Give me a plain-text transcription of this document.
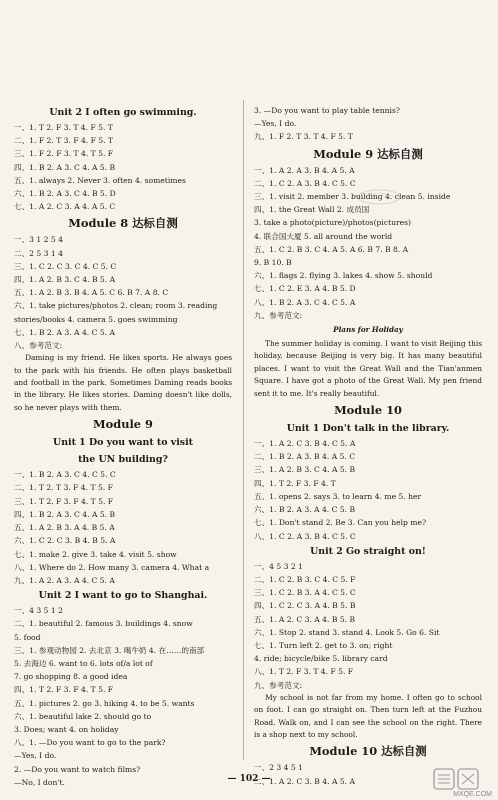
Unit 2 I often go swimming.
一、1. T 2. F 3. T 4. F 5. T
二、1. F 2. T 3. F 4. F 5. T
三、1. F 2. F 3. T 4. T 5. F
四、1. B 2. A 3. C 4. A 5. B
五、1. always 2. Never 3. often 4. sometimes
六、1. B 2. A 3. C 4. B 5. D
七、1. A 2. C 3. A 4. A 5. C
Module 8 达标自测
一、3 1 2 5 4
二、2 5 3 1 4
三、1. C 2. C 3. C 4. C 5. C
四、1. A 2. B 3. C 4. B 5. A
五、1. A 2. B 3. B 4. A 5. C 6. B 7. A 8. C
六、1. take pictures/photos 2. clean; room 3. reading
stories/books 4. camera 5. goes swimming
七、1. B 2. A 3. A 4. C 5. A
八、参考范文:
Daming is my friend. He likes sports. He always goes to the park with his friends. He often plays basketball and football in the park. Sometimes Daming reads books in the library. He likes stories. Daming doesn't like dolls, so he never plays with them.
Module 9
Unit 1 Do you want to visit
the UN building?
一、1. B 2. A 3. C 4. C 5. C
二、1. T 2. T 3. F 4. T 5. F
三、1. T 2. F 3. F 4. T 5. F
四、1. B 2. A 3. C 4. A 5. B
五、1. A 2. B 3. A 4. B 5. A
六、1. C 2. C 3. B 4. B 5. A
七、1. make 2. give 3. take 4. visit 5. show
八、1. Where do 2. How many 3. camera 4. What a
九、1. A 2. A 3. A 4. C 5. A
Unit 2 I want to go to Shanghai.
一、4 3 5 1 2
二、1. beautiful 2. famous 3. buildings 4. snow
5. food
三、1. 参观动物园 2. 去北京 3. 喝牛奶 4. 在……的南部
5. 去海边 6. want to 6. lots of/a lot of
7. go shopping 8. a good idea
四、1. T 2. F 3. F 4. T 5. F
五、1. pictures 2. go 3. hiking 4. to be 5. wants
六、1. beautiful lake 2. should go to
3. Does; want 4. on holiday
八、1. —Do you want to go to the park?
—Yes, I do.
2. —Do you want to watch films?
—No, I don't.
3. —Do you want to play table tennis?
—Yes, I do.
九、1. F 2. T 3. T 4. F 5. T
Module 9 达标自测
一、1. A 2. A 3. B 4. A 5. A
二、1. C 2. A 3. B 4. C 5. C
三、1. visit 2. member 3. building 4. clean 5. inside
四、1. the Great Wall 2. 成员国
3. take a photo(picture)/photos(pictures)
4. 联合国大厦 5. all around the world
五、1. C 2. B 3. C 4. A 5. A 6. B 7. B 8. A
9. B 10. B
六、1. flags 2. flying 3. lakes 4. show 5. should
七、1. C 2. E 3. A 4. B 5. D
八、1. B 2. A 3. C 4. C 5. A
九、参考范文:
Plans for Holiday
The summer holiday is coming. I want to visit Beijing this holiday, because Beijing is very big. It has many beautiful places. I want to visit the Great Wall and the Tian'anmen Square. I have got a photo of the Great Wall. My pen friend sent it to me. It's really beautiful.
Module 10
Unit 1 Don't talk in the library.
一、1. A 2. C 3. B 4. C 5. A
二、1. B 2. A 3. B 4. A 5. C
三、1. A 2. B 3. C 4. A 5. B
四、1. T 2. F 3. F 4. T
五、1. opens 2. says 3. to learn 4. me 5. her
六、1. B 2. A 3. A 4. C 5. B
七、1. Don't stand 2. Be 3. Can you help me?
八、1. C 2. A 3. B 4. C 5. C
Unit 2 Go straight on!
一、4 5 3 2 1
二、1. C 2. B 3. C 4. C 5. F
三、1. C 2. B 3. A 4. C 5. C
四、1. C 2. C 3. A 4. B 5. B
五、1. A 2. C 3. A 4. B 5. B
六、1. Stop 2. stand 3. stand 4. Look 5. Go 6. Sit
七、1. Turn left 2. get to 3. on; right
4. ride; bicycle/bike 5. library card
八、1. T 2. F 3. T 4. F 5. F
九、参考范文:
My school is not far from my home. I often go to school on foot. I can go straight on. Then turn left at the Fuzhou Road. Walk on, and I can see the school on the right. There is a shop next to my school.
Module 10 达标自测
一、2 3 4 5 1
二、1. A 2. C 3. B 4. A 5. A
— 102 —
MXQE.COM
